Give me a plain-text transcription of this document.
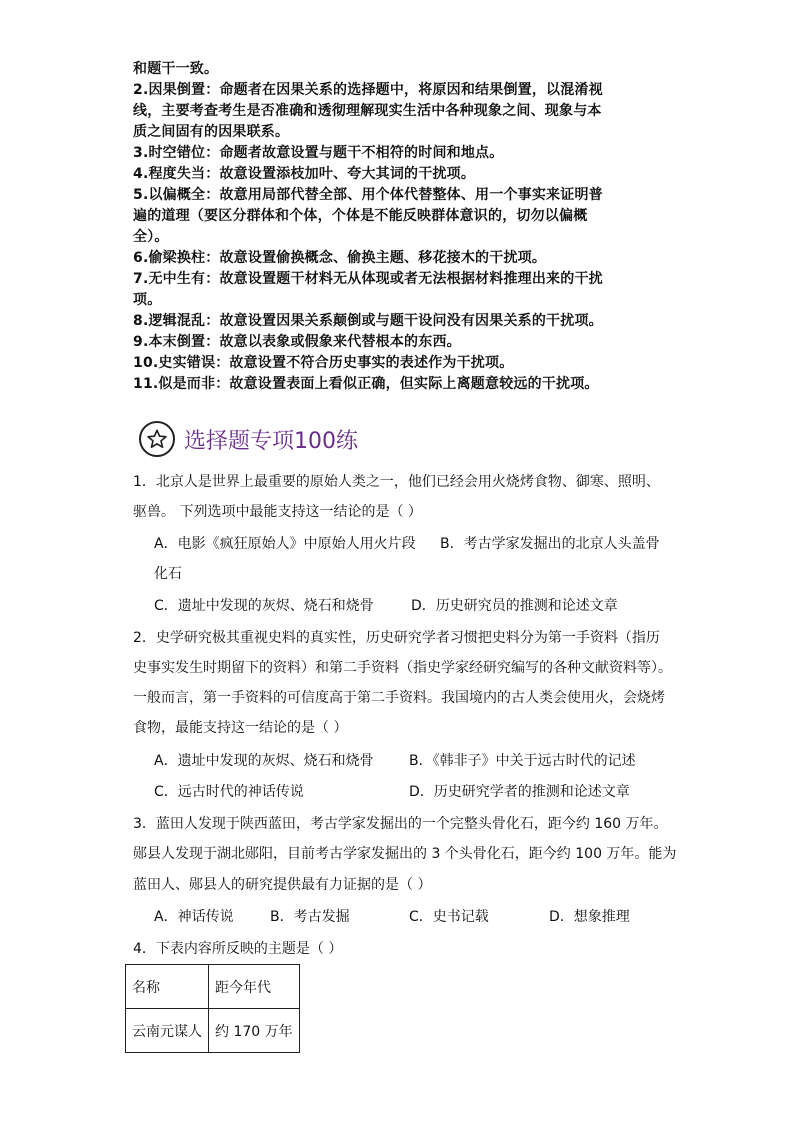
和题干一致。

2.因果倒置：命题者在因果关系的选择题中，将原因和结果倒置，以混淆视

线，主要考查考生是否准确和透彻理解现实生活中各种现象之间、现象与本

质之间固有的因果联系。

3.时空错位：命题者故意设置与题干不相符的时间和地点。

4.程度失当：故意设置添枝加叶、夸大其词的干扰项。

5.以偏概全：故意用局部代替全部、用个体代替整体、用一个事实来证明普

遍的道理（要区分群体和个体，个体是不能反映群体意识的，切勿以偏概

全）。

6.偷梁换柱：故意设置偷换概念、偷换主题、移花接木的干扰项。

7.无中生有：故意设置题干材料无从体现或者无法根据材料推理出来的干扰

项。

8.逻辑混乱：故意设置因果关系颠倒或与题干设问没有因果关系的干扰项。

9.本末倒置：故意以表象或假象来代替根本的东西。

10.史实错误：故意设置不符合历史事实的表述作为干扰项。

11.似是而非：故意设置表面上看似正确，但实际上离题意较远的干扰项。

选择题专项100练
1．北京人是世界上最重要的原始人类之一，他们已经会用火烧烤食物、御寒、照明、
驱兽。 下列选项中最能支持这一结论的是（ ）
A．电影《疯狂原始人》中原始人用火片段 B．考古学家发掘出的北京人头盖骨
化石
C．遗址中发现的灰烬、烧石和烧骨	D．历史研究员的推测和论述文章
2．史学研究极其重视史料的真实性，历史研究学者习惯把史料分为第一手资料（指历
史事实发生时期留下的资料）和第二手资料（指史学家经研究编写的各种文献资料等）。
一般而言，第一手资料的可信度高于第二手资料。我国境内的古人类会使用火，会烧烤
食物，最能支持这一结论的是（ ）
A．遗址中发现的灰烬、烧石和烧骨	B．《韩非子》中关于远古时代的记述
C．远古时代的神话传说	D．历史研究学者的推测和论述文章
3．蓝田人发现于陕西蓝田，考古学家发掘出的一个完整头骨化石，距今约 160 万年。
郧县人发现于湖北郧阳，目前考古学家发掘出的 3 个头骨化石，距今约 100 万年。能为
蓝田人、郧县人的研究提供最有力证据的是（ ）
A．神话传说	B．考古发掘	C．史书记载	D．想象推理
4．下表内容所反映的主题是（ ）
名称	距今年代
云南元谋人	约 170 万年
